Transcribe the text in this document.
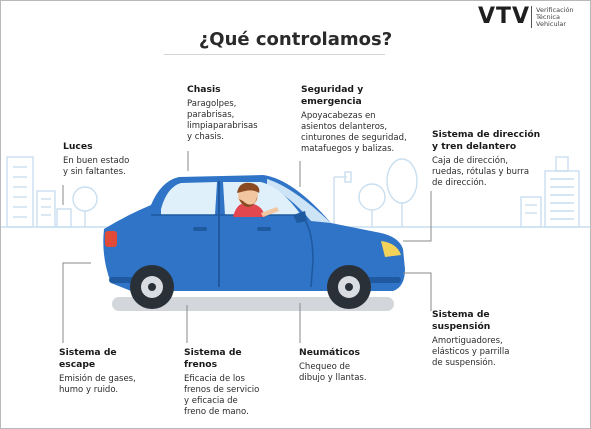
VTV Verificación
Técnica
Vehicular
¿Qué controlamos?
Luces
En buen estado
y sin faltantes.
Chasis
Paragolpes,
parabrisas,
limpiaparabrisas
y chasis.
Seguridad y
emergencia
Apoyacabezas en
asientos delanteros,
cinturones de seguridad,
matafuegos y balizas.
Sistema de dirección
y tren delantero
Caja de dirección,
ruedas, rótulas y burra
de dirección.
Sistema de
suspensión
Amortiguadores,
elásticos y parrilla
de suspensión.
Neumáticos
Chequeo de
dibujo y llantas.
Sistema de
frenos
Eficacia de los
frenos de servicio
y eficacia de
freno de mano.
Sistema de
escape
Emisión de gases,
humo y ruido.
